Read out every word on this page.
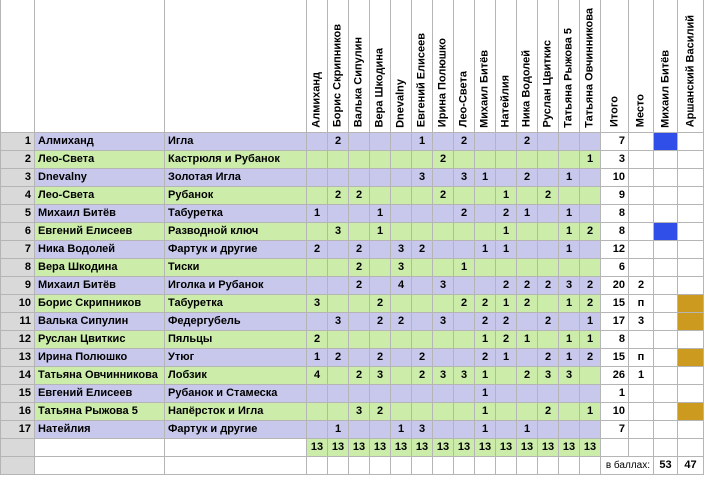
			Алмиханд	Борис Скрипников	Валька Сипулин	Вера Шкодина	Dnevalny	Евгений Елисеев	Ирина Полюшко	Лео-Света	Михаил Битёв	Натейлия	Ника Водолей	Руслан Цвиткис	Татьяна Рыжова 5	Татьяна Овчинникова	Итого	Место	Михаил Битёв	Аршанский Василий

1	Алмиханд	Игла		2				1		2			2				7			
2	Лео-Света	Кастрюля и Рубанок							2							1	3			
3	Dnevalny	Золотая Игла						3		3	1		2		1		10			
4	Лео-Света	Рубанок		2	2				2			1		2			9			
5	Михаил Битёв	Табуретка	1			1				2		2	1		1		8			
6	Евгений Елисеев	Разводной ключ		3		1						1			1	2	8			
7	Ника Водолей	Фартук и другие	2		2		3	2			1	1			1		12			
8	Вера Шкодина	Тиски			2		3			1							6			
9	Михаил Битёв	Иголка и Рубанок			2		4		3			2	2	2	3	2	20	2		
10	Борис Скрипников	Табуретка	3			2				2	2	1	2		1	2	15	п		
11	Валька Сипулин	Федергубель		3		2	2		3		2	2		2		1	17	3		
12	Руслан Цвиткис	Пяльцы	2								1	2	1		1	1	8			
13	Ирина Полюшко	Утюг	1	2		2		2			2	1		2	1	2	15	п		
14	Татьяна Овчинникова	Лобзик	4		2	3		2	3	3	1		2	3	3		26	1		
15	Евгений Елисеев	Рубанок и Стамеска									1						1			
16	Татьяна Рыжова 5	Напёрсток и Игла			3	2					1			2		1	10			
17	Натейлия	Фартук и другие		1			1	3			1		1				7			
			13	13	13	13	13	13	13	13	13	13	13	13	13	13				
																	в баллах:		53	47
